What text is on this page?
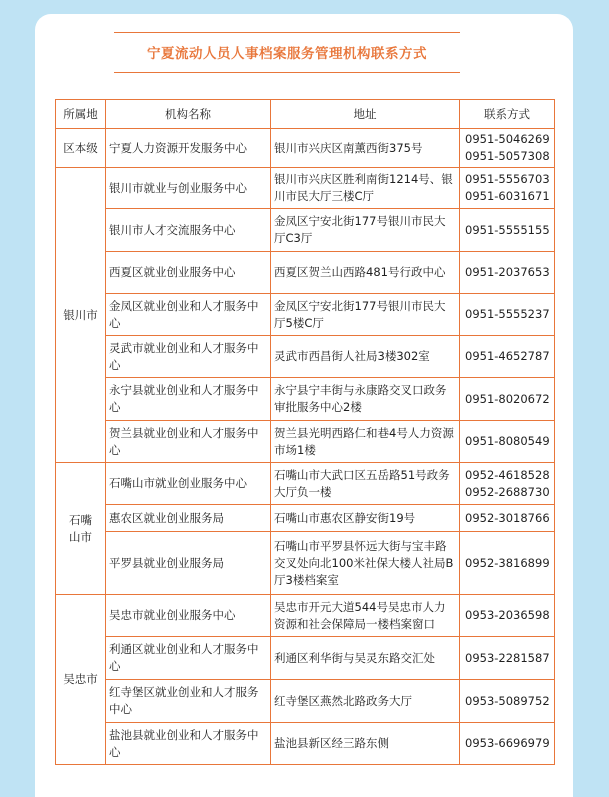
宁夏流动人员人事档案服务管理机构联系方式
所属地	机构名称	地址	联系方式
区本级	宁夏人力资源开发服务中心	银川市兴庆区南薰西街375号	0951-5046269
0951-5057308

银川市	银川市就业与创业服务中心	银川市兴庆区胜利南街1214号、银川市民大厅三楼C厅	0951-5556703
0951-6031671

	银川市人才交流服务中心	金凤区宁安北街177号银川市民大厅C3厅	0951-5555155

	西夏区就业创业服务中心	西夏区贺兰山西路481号行政中心	0951-2037653

	金凤区就业创业和人才服务中心	金凤区宁安北街177号银川市民大厅5楼C厅	0951-5555237

	灵武市就业创业和人才服务中心	灵武市西昌街人社局3楼302室	0951-4652787

	永宁县就业创业和人才服务中心	永宁县宁丰街与永康路交叉口政务审批服务中心2楼	0951-8020672

	贺兰县就业创业和人才服务中心	贺兰县光明西路仁和巷4号人力资源市场1楼	0951-8080549

石嘴山市	石嘴山市就业创业服务中心	石嘴山市大武口区五岳路51号政务大厅负一楼	0952-4618528
0952-2688730

	惠农区就业创业服务局	石嘴山市惠农区静安街19号	0952-3018766

	平罗县就业创业服务局	石嘴山市平罗县怀远大街与宝丰路交叉处向北100米社保大楼人社局B厅3楼档案室	0952-3816899

吴忠市	吴忠市就业创业服务中心	吴忠市开元大道544号吴忠市人力资源和社会保障局一楼档案窗口	0953-2036598

	利通区就业创业和人才服务中心	利通区利华街与吴灵东路交汇处	0953-2281587

	红寺堡区就业创业和人才服务中心	红寺堡区燕然北路政务大厅	0953-5089752

	盐池县就业创业和人才服务中心	盐池县新区经三路东侧	0953-6696979
